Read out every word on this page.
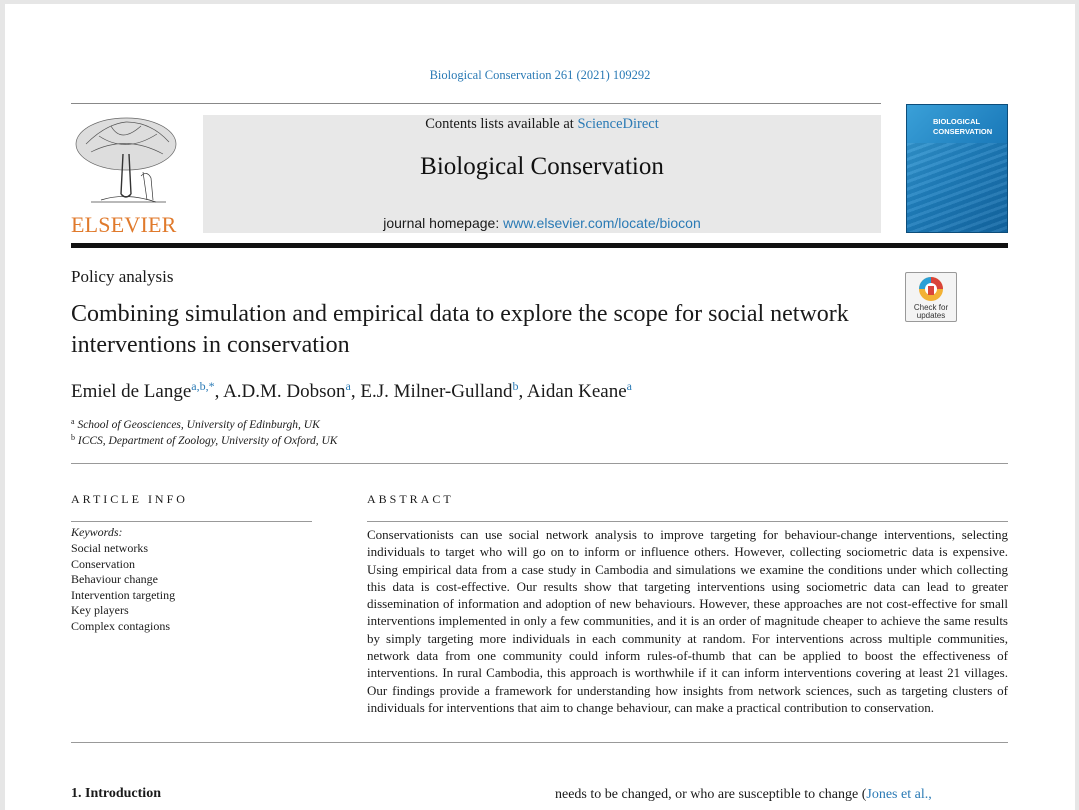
Biological Conservation 261 (2021) 109292
ELSEVIER
Contents lists available at ScienceDirect
Biological Conservation
journal homepage: www.elsevier.com/locate/biocon
BIOLOGICAL CONSERVATION
Policy analysis
Check for updates
Combining simulation and empirical data to explore the scope for social network interventions in conservation
Emiel de Lange$^{a,b,*}$, A.D.M. Dobson$^a$, E.J. Milner-Gulland$^b$, Aidan Keane$^a$
$^a$ School of Geosciences, University of Edinburgh, UK
$^b$ ICCS, Department of Zoology, University of Oxford, UK
ARTICLE INFO
Keywords:
Social networks
Conservation
Behaviour change
Intervention targeting
Key players
Complex contagions
ABSTRACT

Conservationists can use social network analysis to improve targeting for behaviour-change interventions, selecting individuals to target who will go on to inform or influence others. However, collecting sociometric data is expensive. Using empirical data from a case study in Cambodia and simulations we examine the conditions under which collecting this data is cost-effective. Our results show that targeting interventions using sociometric data can lead to greater dissemination of information and adoption of new behaviours. However, these approaches are not cost-effective for small interventions implemented in only a few communities, and it is an order of magnitude cheaper to achieve the same results by simply targeting more individuals in each community at random. For interventions across multiple communities, network data from one community could inform rules-of-thumb that can be applied to boost the effectiveness of interventions. In rural Cambodia, this approach is worthwhile if it can inform interventions covering at least 21 villages. Our findings provide a framework for understanding how insights from network sciences, such as targeting clusters of individuals for interventions that aim to change behaviour, can make a practical contribution to conservation.

1. Introduction	needs to be changed, or who are susceptible to change (Jones et al.,
